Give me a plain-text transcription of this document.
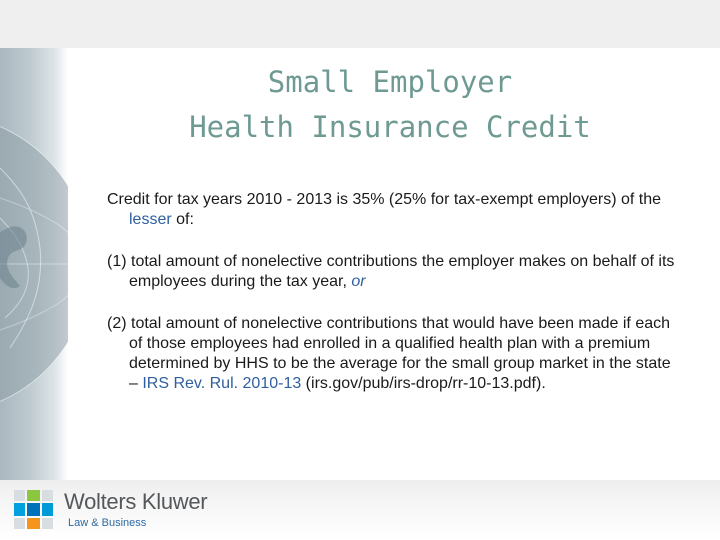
Small Employer
Health Insurance Credit

Credit for tax years 2010 - 2013 is 35% (25% for tax-exempt employers) of the lesser of:

(1) total amount of nonelective contributions the employer makes on behalf of its employees during the tax year, or

(2) total amount of nonelective contributions that would have been made if each of those employees had enrolled in a qualified health plan with a premium determined by HHS to be the average for the small group market in the state – IRS Rev. Rul. 2010-13 (irs.gov/pub/irs-drop/rr-10-13.pdf).

Wolters Kluwer
Law & Business
